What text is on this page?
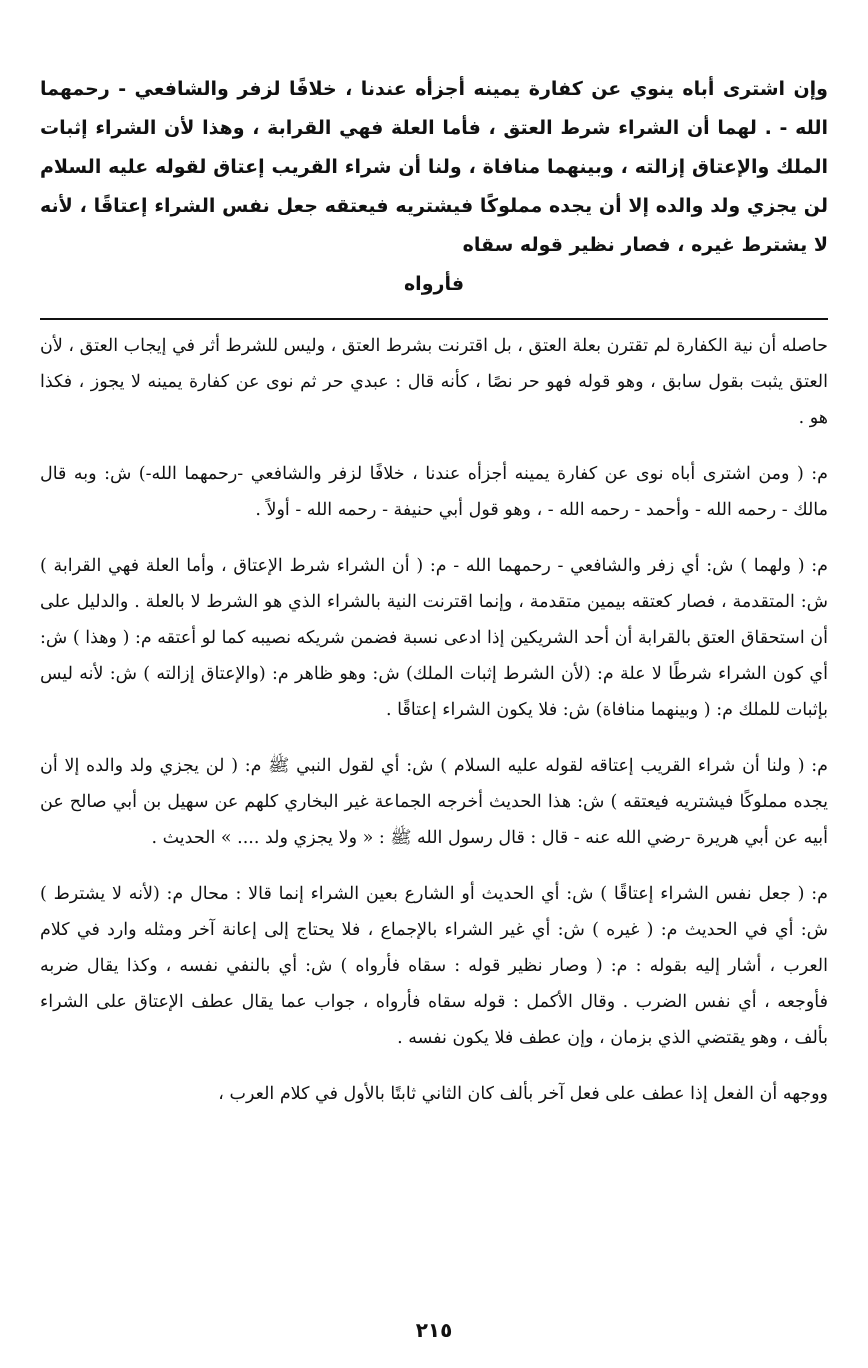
وإن اشترى أباه ينوي عن كفارة يمينه أجزأه عندنا ، خلافًا لزفر والشافعي - رحمهما الله - . لهما أن الشراء شرط العتق ، فأما العلة فهي القرابة ، وهذا لأن الشراء إثبات الملك والإعتاق إزالته ، وبينهما منافاة ، ولنا أن شراء القريب إعتاق لقوله عليه السلام لن يجزي ولد والده إلا أن يجده مملوكًا فيشتريه فيعتقه جعل نفس الشراء إعتاقًا ، لأنه لا يشترط غيره ، فصار نظير قوله سقاه

فأرواه

حاصله أن نية الكفارة لم تقترن بعلة العتق ، بل اقترنت بشرط العتق ، وليس للشرط أثر في إيجاب العتق ، لأن العتق يثبت بقول سابق ، وهو قوله فهو حر نصًا ، كأنه قال : عبدي حر ثم نوى عن كفارة يمينه لا يجوز ، فكذا هو .

م: ( ومن اشترى أباه نوى عن كفارة يمينه أجزأه عندنا ، خلافًا لزفر والشافعي -رحمهما الله-) ش: وبه قال مالك - رحمه الله - وأحمد - رحمه الله - ، وهو قول أبي حنيفة - رحمه الله - أولاً .

م: ( ولهما ) ش: أي زفر والشافعي - رحمهما الله - م: ( أن الشراء شرط الإعتاق ، وأما العلة فهي القرابة ) ش: المتقدمة ، فصار كعتقه بيمين متقدمة ، وإنما اقترنت النية بالشراء الذي هو الشرط لا بالعلة . والدليل على أن استحقاق العتق بالقرابة أن أحد الشريكين إذا ادعى نسبة فضمن شريكه نصيبه كما لو أعتقه م: ( وهذا ) ش: أي كون الشراء شرطًا لا علة م: (لأن الشرط إثبات الملك) ش: وهو ظاهر م: (والإعتاق إزالته ) ش: لأنه ليس بإثبات للملك م: ( وبينهما منافاة) ش: فلا يكون الشراء إعتاقًا .

م: ( ولنا أن شراء القريب إعتاقه لقوله عليه السلام ) ش: أي لقول النبي ﷺ م: ( لن يجزي ولد والده إلا أن يجده مملوكًا فيشتريه فيعتقه ) ش: هذا الحديث أخرجه الجماعة غير البخاري كلهم عن سهيل بن أبي صالح عن أبيه عن أبي هريرة -رضي الله عنه - قال : قال رسول الله ﷺ : « ولا يجزي ولد .... » الحديث .

م: ( جعل نفس الشراء إعتاقًا ) ش: أي الحديث أو الشارع بعين الشراء إنما قالا : محال م: (لأنه لا يشترط ) ش: أي في الحديث م: ( غيره ) ش: أي غير الشراء بالإجماع ، فلا يحتاج إلى إعانة آخر ومثله وارد في كلام العرب ، أشار إليه بقوله : م: ( وصار نظير قوله : سقاه فأرواه ) ش: أي بالنفي نفسه ، وكذا يقال ضربه فأوجعه ، أي نفس الضرب . وقال الأكمل : قوله سقاه فأرواه ، جواب عما يقال عطف الإعتاق على الشراء بألف ، وهو يقتضي الذي بزمان ، وإن عطف فلا يكون نفسه .

ووجهه أن الفعل إذا عطف على فعل آخر بألف كان الثاني ثابتًا بالأول في كلام العرب ،

٢١٥
